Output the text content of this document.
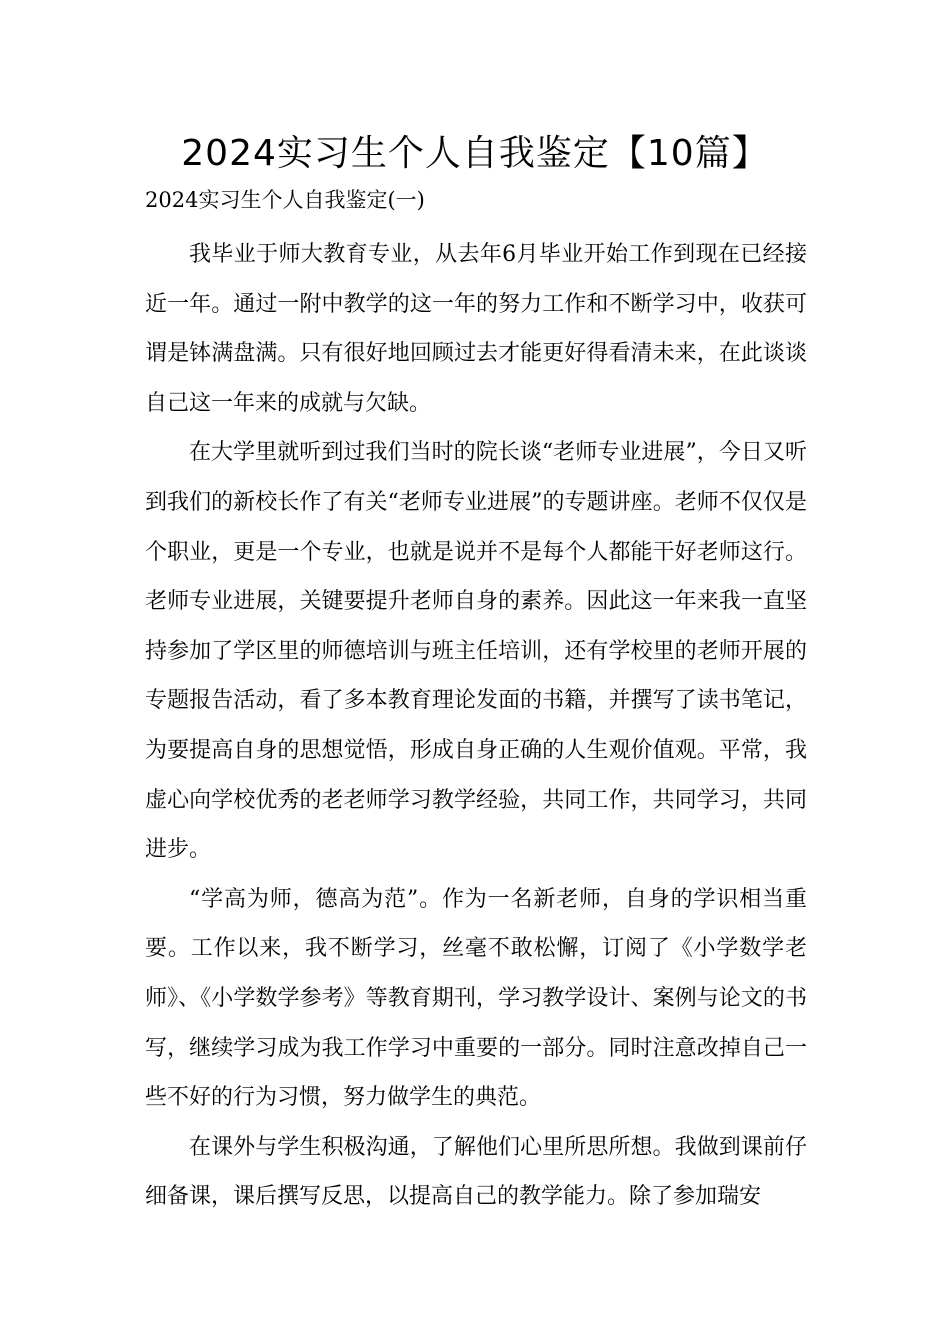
2024实习生个人自我鉴定【10篇】

2024实习生个人自我鉴定(一)

我毕业于师大教育专业，从去年6月毕业开始工作到现在已经接近一年。通过一附中教学的这一年的努力工作和不断学习中，收获可谓是钵满盘满。只有很好地回顾过去才能更好得看清未来，在此谈谈自己这一年来的成就与欠缺。

在大学里就听到过我们当时的院长谈“老师专业进展”，今日又听到我们的新校长作了有关“老师专业进展”的专题讲座。老师不仅仅是个职业，更是一个专业，也就是说并不是每个人都能干好老师这行。老师专业进展，关键要提升老师自身的素养。因此这一年来我一直坚持参加了学区里的师德培训与班主任培训，还有学校里的老师开展的专题报告活动，看了多本教育理论发面的书籍，并撰写了读书笔记，为要提高自身的思想觉悟，形成自身正确的人生观价值观。平常，我虚心向学校优秀的老老师学习教学经验，共同工作，共同学习，共同进步。

“学高为师，德高为范”。作为一名新老师，自身的学识相当重要。工作以来，我不断学习，丝毫不敢松懈，订阅了《小学数学老师》、《小学数学参考》等教育期刊，学习教学设计、案例与论文的书写，继续学习成为我工作学习中重要的一部分。同时注意改掉自己一些不好的行为习惯，努力做学生的典范。

在课外与学生积极沟通，了解他们心里所思所想。我做到课前仔细备课，课后撰写反思，以提高自己的教学能力。除了参加瑞安
